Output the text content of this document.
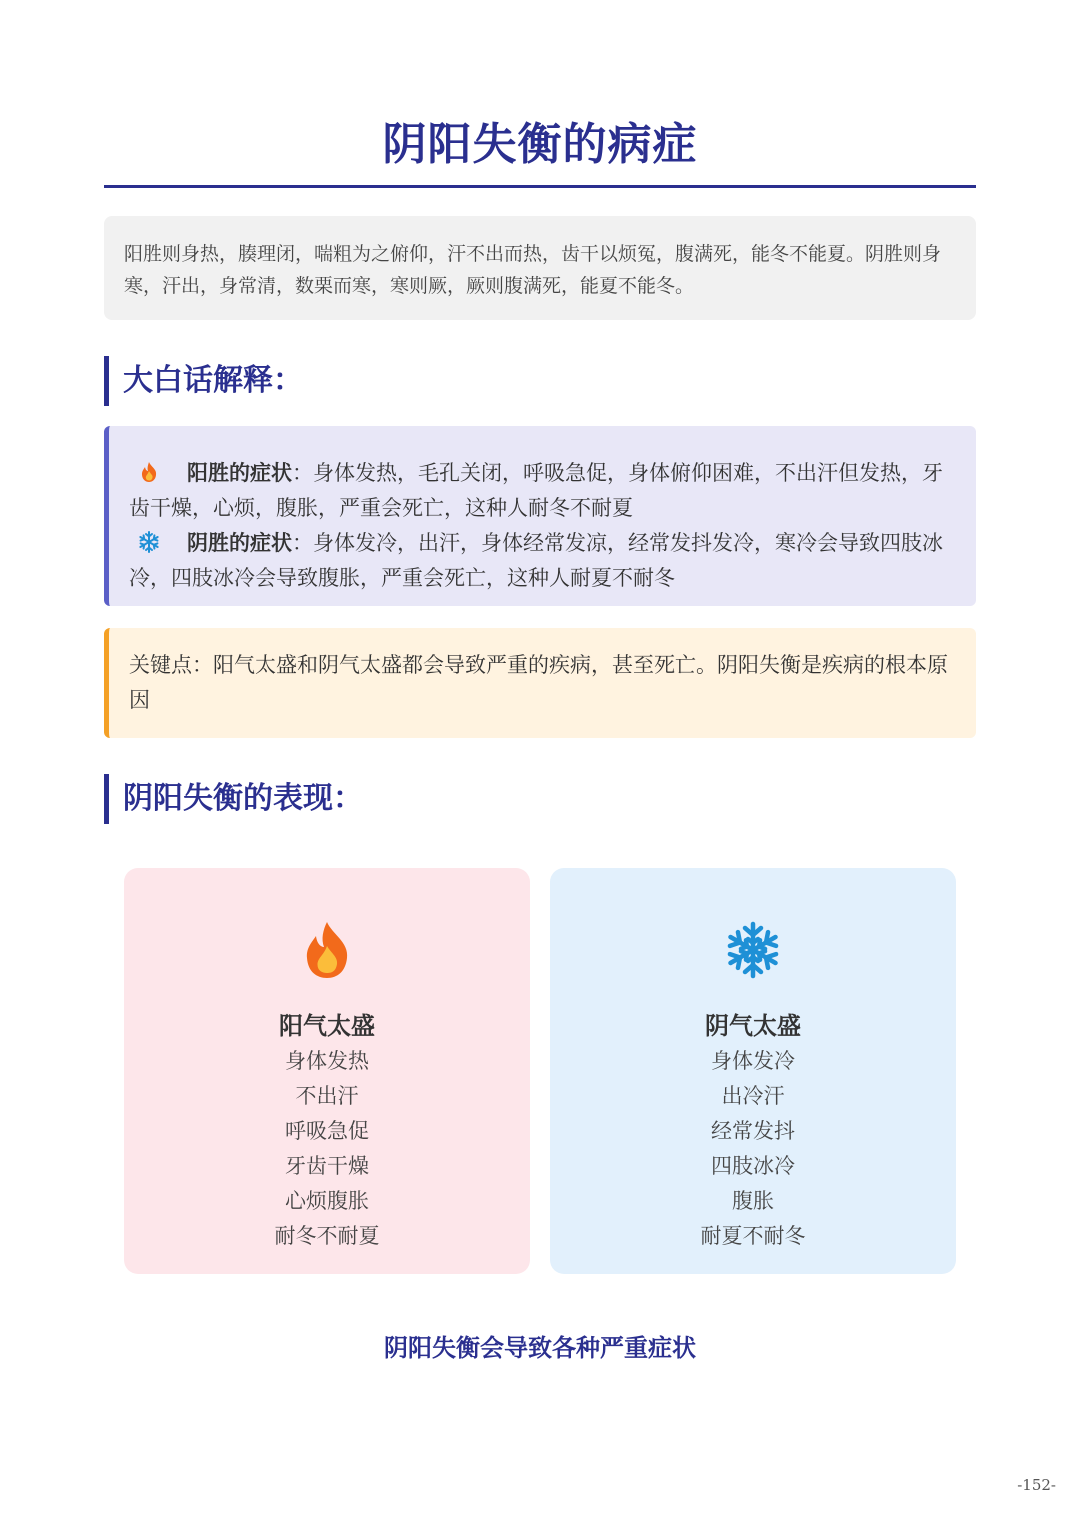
阴阳失衡的病症

阳胜则身热，腠理闭，喘粗为之俯仰，汗不出而热，齿干以烦冤，腹满死，能冬不能夏。阴胜则身寒，汗出，身常清，数栗而寒，寒则厥，厥则腹满死，能夏不能冬。

大白话解释：

阳胜的症状：身体发热，毛孔关闭，呼吸急促，身体俯仰困难，不出汗但发热，牙齿干燥，心烦，腹胀，严重会死亡，这种人耐冬不耐夏

阴胜的症状：身体发冷，出汗，身体经常发凉，经常发抖发冷，寒冷会导致四肢冰冷，四肢冰冷会导致腹胀，严重会死亡，这种人耐夏不耐冬

关键点：阳气太盛和阴气太盛都会导致严重的疾病，甚至死亡。阴阳失衡是疾病的根本原因

阴阳失衡的表现：
阳气太盛
身体发热
不出汗
呼吸急促
牙齿干燥
心烦腹胀
耐冬不耐夏
阴气太盛
身体发冷
出冷汗
经常发抖
四肢冰冷
腹胀
耐夏不耐冬
阴阳失衡会导致各种严重症状
-152-
